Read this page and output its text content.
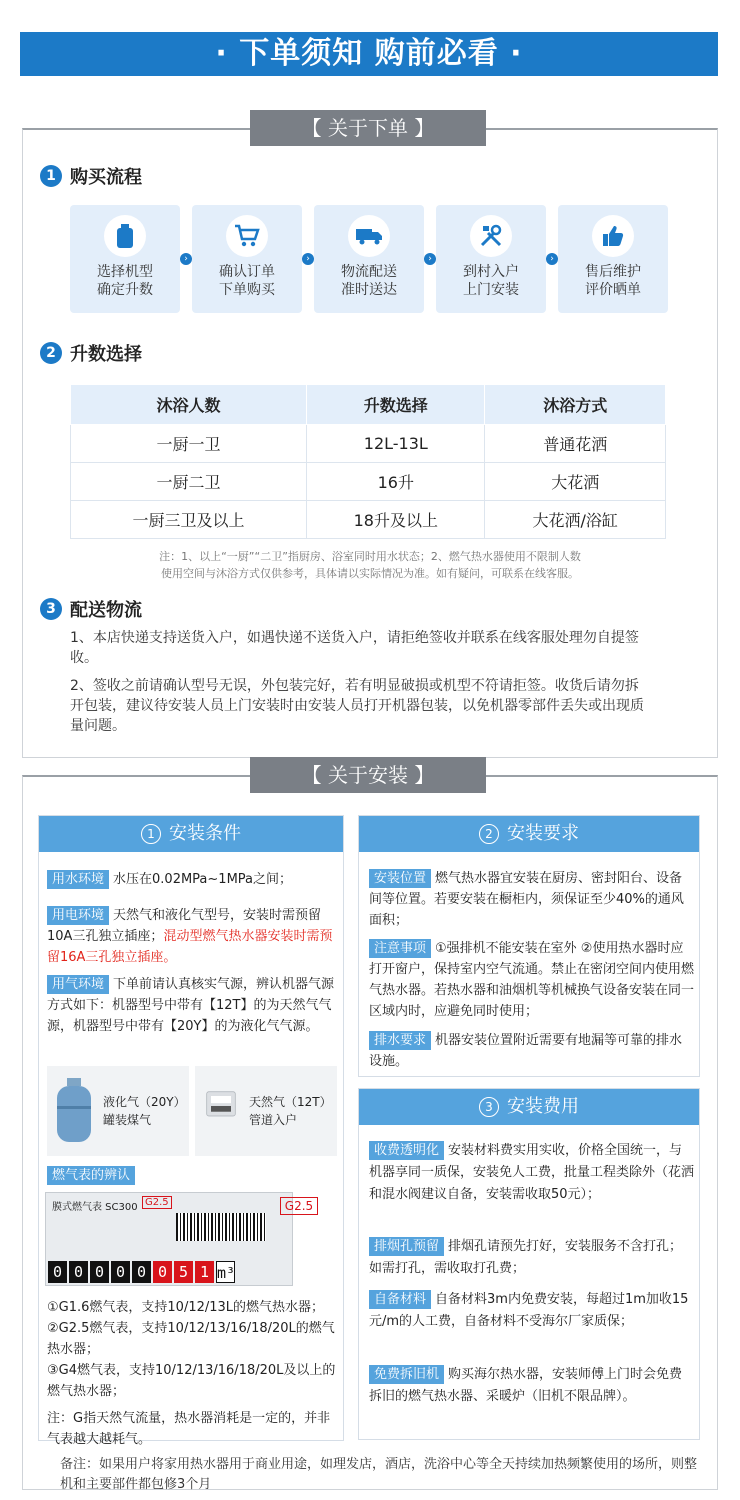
· 下单须知 购前必看 ·
【 关于下单 】
1 购买流程
选择机型
确定升数
›
确认订单
下单购买
›
物流配送
准时送达
›
到村入户
上门安装
›
售后维护
评价晒单
2 升数选择
沐浴人数	升数选择	沐浴方式
一厨一卫	12L-13L	普通花洒
一厨二卫	16升	大花洒
一厨三卫及以上	18升及以上	大花洒/浴缸
注：1、以上“一厨”“二卫”指厨房、浴室同时用水状态；2、燃气热水器使用不限制人数
使用空间与沐浴方式仅供参考，具体请以实际情况为准。如有疑问，可联系在线客服。
3 配送物流
1、本店快递支持送货入户，如遇快递不送货入户，请拒绝签收并联系在线客服处理勿自提签收。
2、签收之前请确认型号无误，外包装完好，若有明显破损或机型不符请拒签。收货后请勿拆开包装，建议待安装人员上门安装时由安装人员打开机器包装，以免机器零部件丢失或出现质量问题。
【 关于安装 】
1 安装条件
用水环境 水压在0.02MPa~1MPa之间；
用电环境 天然气和液化气型号，安装时需预留10A三孔独立插座；混动型燃气热水器安装时需预留16A三孔独立插座。
用气环境 下单前请认真核实气源，辨认机器气源方式如下：机器型号中带有【12T】的为天然气气源，机器型号中带有【20Y】的为液化气气源。
液化气（20Y）
罐装煤气
天然气（12T）
管道入户
燃气表的辨认
膜式燃气表 SC300 G2.5
0 0 0 0 0 0 5 1 m³
G2.5
①G1.6燃气表，支持10/12/13L的燃气热水器；
②G2.5燃气表，支持10/12/13/16/18/20L的燃气热水器；
③G4燃气表，支持10/12/13/16/18/20L及以上的燃气热水器；
注：G指天然气流量，热水器消耗是一定的，并非气表越大越耗气。
2 安装要求
安装位置 燃气热水器宜安装在厨房、密封阳台、设备间等位置。若要安装在橱柜内，须保证至少40%的通风面积；
注意事项 ①强排机不能安装在室外 ②使用热水器时应打开窗户，保持室内空气流通。禁止在密闭空间内使用燃气热水器。若热水器和油烟机等机械换气设备安装在同一区域内时，应避免同时使用；
排水要求 机器安装位置附近需要有地漏等可靠的排水设施。
3 安装费用
收费透明化 安装材料费实用实收，价格全国统一，与机器享同一质保，安装免人工费，批量工程类除外（花洒和混水阀建议自备，安装需收取50元）；
排烟孔预留 排烟孔请预先打好，安装服务不含打孔；如需打孔，需收取打孔费；
自备材料 自备材料3m内免费安装，每超过1m加收15元/m的人工费，自备材料不受海尔厂家质保；
免费拆旧机 购买海尔热水器，安装师傅上门时会免费拆旧的燃气热水器、采暖炉（旧机不限品牌）。
备注：如果用户将家用热水器用于商业用途，如理发店，酒店，洗浴中心等全天持续加热频繁使用的场所，则整机和主要部件都包修3个月
